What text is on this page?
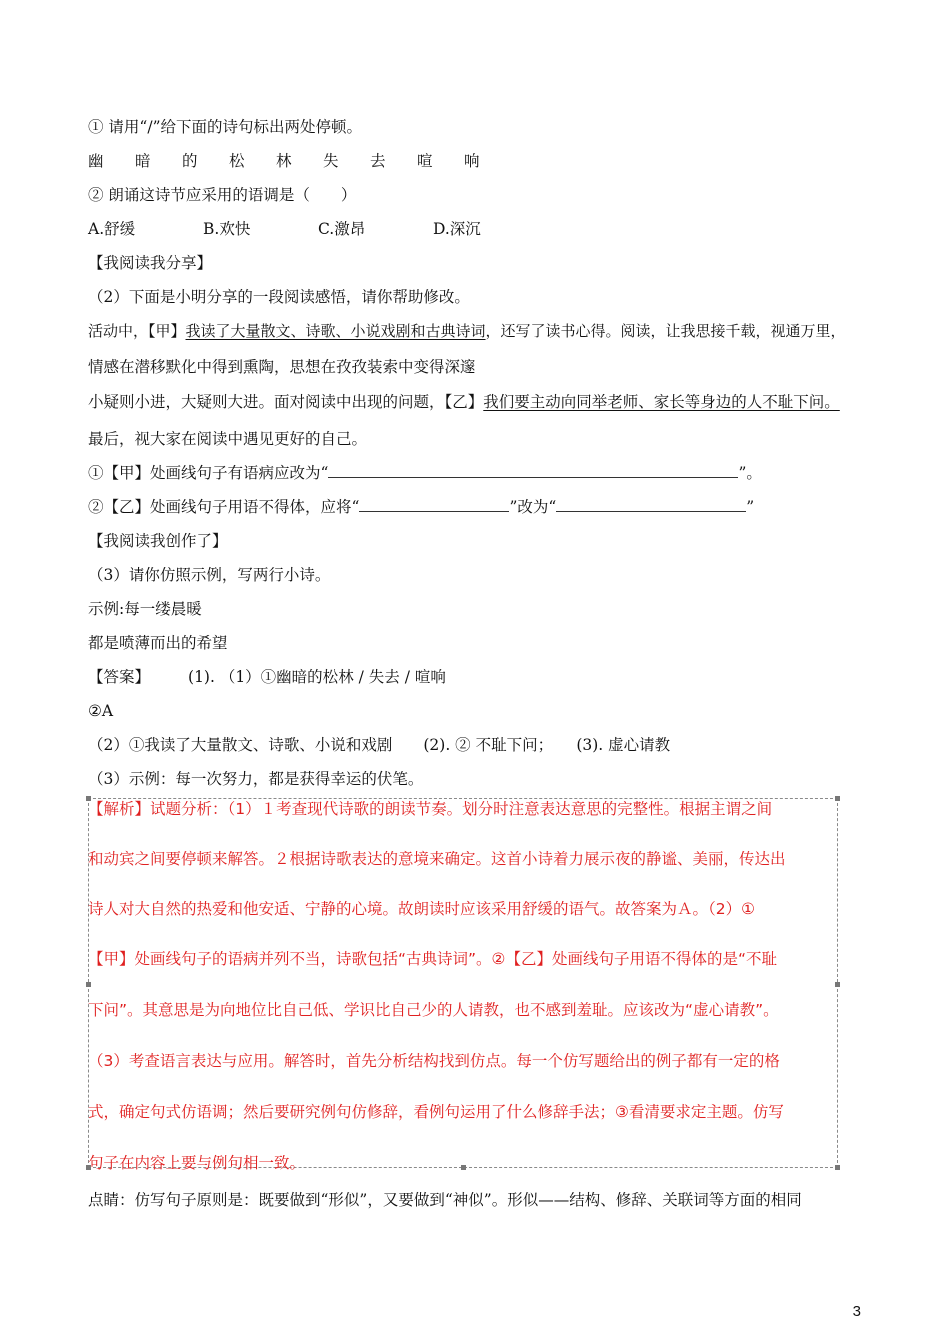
① 请用“/”给下面的诗句标出两处停顿。
幽 暗 的 松 林 失 去 喧 响
② 朗诵这诗节应采用的语调是（　　）
A.舒缓	B.欢快	C.激昂	D.深沉
【我阅读我分享】
（2）下面是小明分享的一段阅读感悟，请你帮助修改。
活动中，【甲】我读了大量散文、诗歌、小说戏剧和古典诗词，还写了读书心得。阅读，让我思接千载，视通万里，
情感在潜移默化中得到熏陶，思想在孜孜装索中变得深邃
小疑则小进，大疑则大进。面对阅读中出现的问题，【乙】我们要主动向同举老师、家长等身边的人不耻下问。
最后，视大家在阅读中遇见更好的自己。
①【甲】处画线句子有语病应改为“	”。
②【乙】处画线句子用语不得体，应将“	”改为“	”
【我阅读我创作了】
（3）请你仿照示例，写两行小诗。
示例:每一缕晨暖
都是喷薄而出的希望
【答案】 (1). （1）①幽暗的松林 / 失去 / 喧响
②A
（2）①我读了大量散文、诗歌、小说和戏剧　　(2). ② 不耻下问；　　(3). 虚心请教
（3）示例：每一次努力，都是获得幸运的伏笔。
【解析】试题分析：（1）１考查现代诗歌的朗读节奏。划分时注意表达意思的完整性。根据主谓之间
和动宾之间要停顿来解答。２根据诗歌表达的意境来确定。这首小诗着力展示夜的静谧、美丽，传达出
诗人对大自然的热爱和他安适、宁静的心境。故朗读时应该采用舒缓的语气。故答案为Ａ。（2）①
【甲】处画线句子的语病并列不当，诗歌包括“古典诗词”。②【乙】处画线句子用语不得体的是“不耻
下问”。其意思是为向地位比自己低、学识比自己少的人请教，也不感到羞耻。应该改为“虚心请教”。
（3）考查语言表达与应用。解答时，首先分析结构找到仿点。每一个仿写题给出的例子都有一定的格
式，确定句式仿语调；然后要研究例句仿修辞，看例句运用了什么修辞手法；③看清要求定主题。仿写
句子在内容上要与例句相一致。
点睛：仿写句子原则是：既要做到“形似”，又要做到“神似”。形似——结构、修辞、关联词等方面的相同
3
